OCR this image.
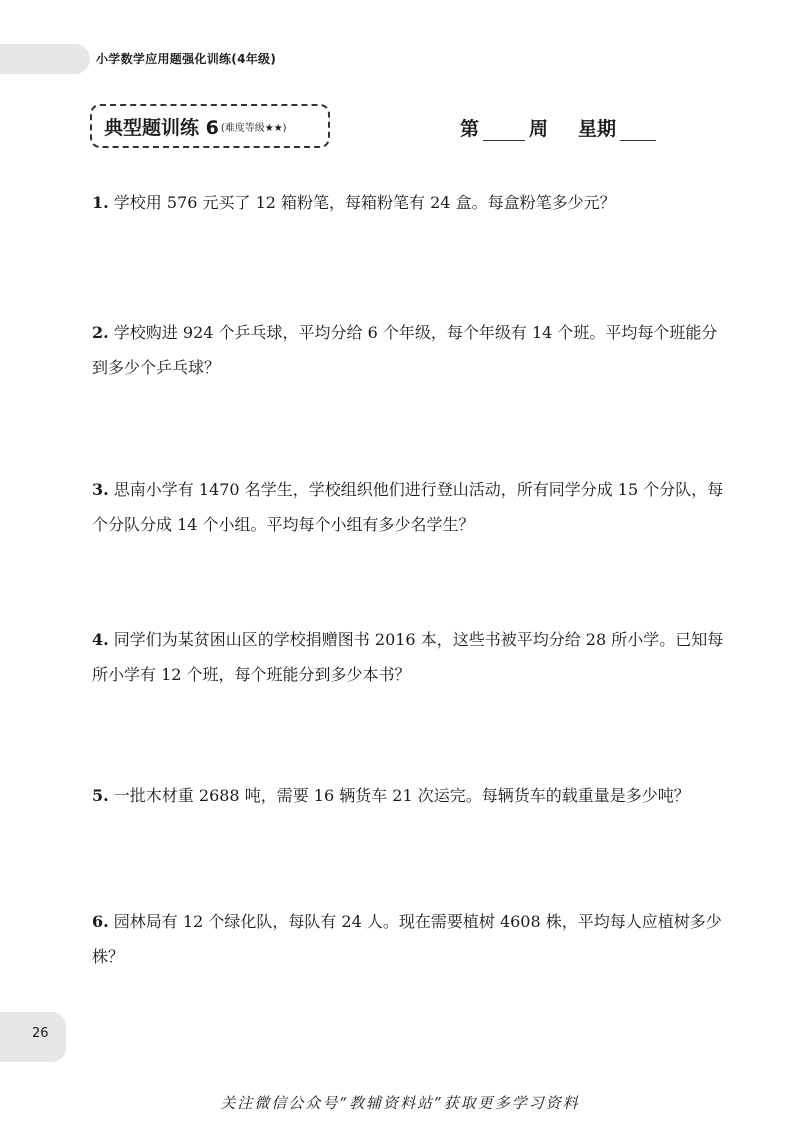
小学数学应用题强化训练(4年级)
典型题训练 6 (难度等级★★)	第	周 星期
1. 学校用 576 元买了 12 箱粉笔，每箱粉笔有 24 盒。每盒粉笔多少元？
2. 学校购进 924 个乒乓球，平均分给 6 个年级，每个年级有 14 个班。平均每个班能分到多少个乒乓球？
3. 思南小学有 1470 名学生，学校组织他们进行登山活动，所有同学分成 15 个分队，每个分队分成 14 个小组。平均每个小组有多少名学生？
4. 同学们为某贫困山区的学校捐赠图书 2016 本，这些书被平均分给 28 所小学。已知每所小学有 12 个班，每个班能分到多少本书？
5. 一批木材重 2688 吨，需要 16 辆货车 21 次运完。每辆货车的载重量是多少吨？
6. 园林局有 12 个绿化队，每队有 24 人。现在需要植树 4608 株，平均每人应植树多少株？
26
关注微信公众号“教辅资料站”获取更多学习资料
